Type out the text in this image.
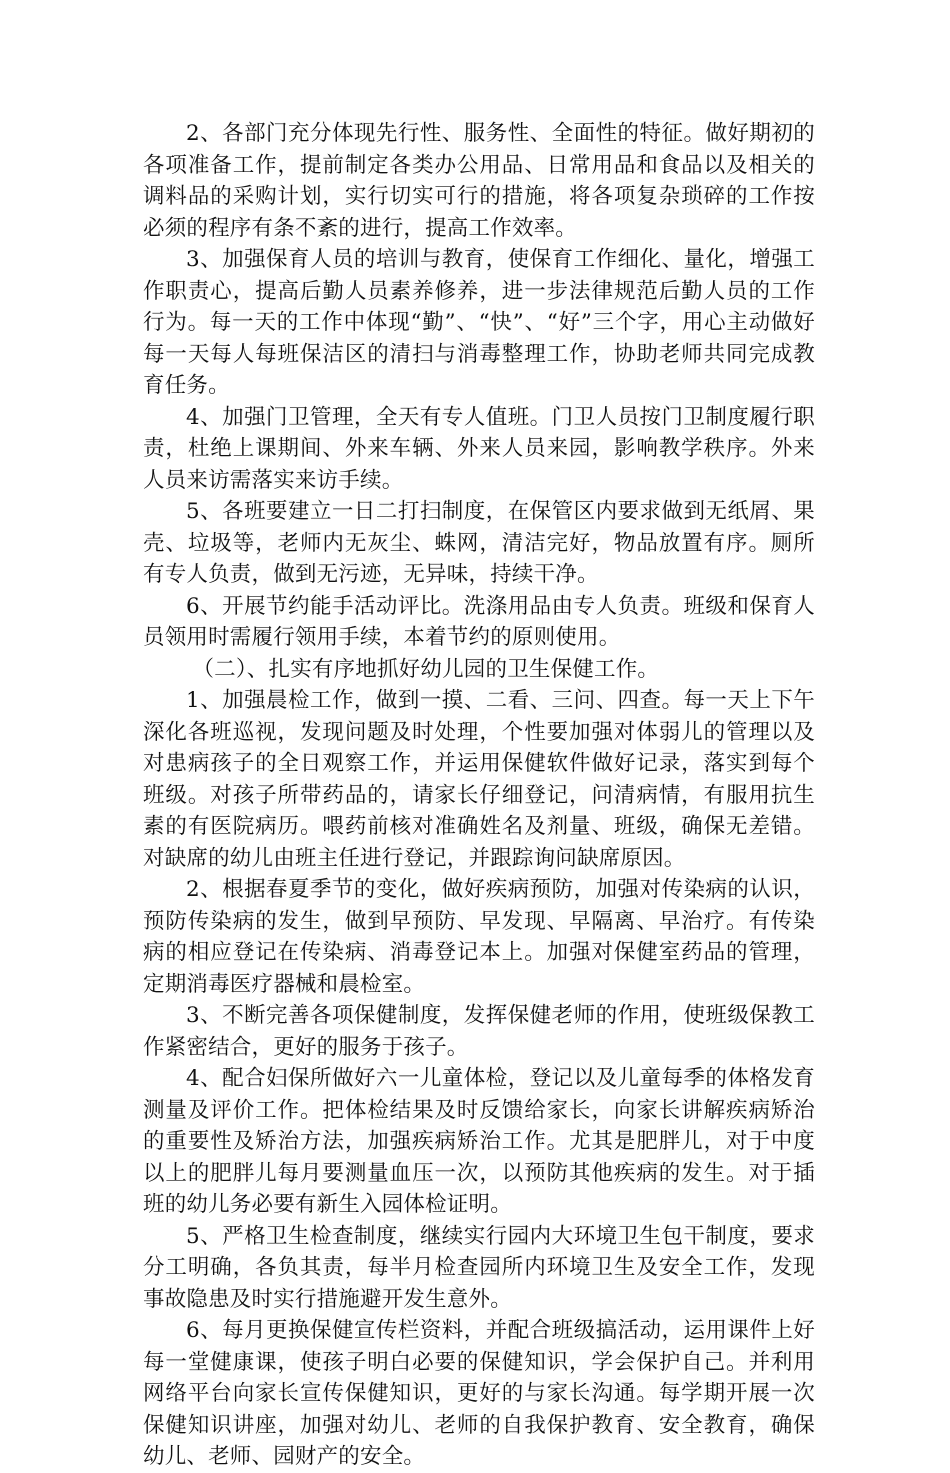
2、各部门充分体现先行性、服务性、全面性的特征。做好期初的各项准备工作，提前制定各类办公用品、日常用品和食品以及相关的调料品的采购计划，实行切实可行的措施，将各项复杂琐碎的工作按必须的程序有条不紊的进行，提高工作效率。

3、加强保育人员的培训与教育，使保育工作细化、量化，增强工作职责心，提高后勤人员素养修养，进一步法律规范后勤人员的工作行为。每一天的工作中体现“勤”、“快”、“好”三个字，用心主动做好每一天每人每班保洁区的清扫与消毒整理工作，协助老师共同完成教育任务。

4、加强门卫管理，全天有专人值班。门卫人员按门卫制度履行职责，杜绝上课期间、外来车辆、外来人员来园，影响教学秩序。外来人员来访需落实来访手续。

5、各班要建立一日二打扫制度，在保管区内要求做到无纸屑、果壳、垃圾等，老师内无灰尘、蛛网，清洁完好，物品放置有序。厕所有专人负责，做到无污迹，无异味，持续干净。

6、开展节约能手活动评比。洗涤用品由专人负责。班级和保育人员领用时需履行领用手续，本着节约的原则使用。

（二）、扎实有序地抓好幼儿园的卫生保健工作。

1、加强晨检工作，做到一摸、二看、三问、四查。每一天上下午深化各班巡视，发现问题及时处理，个性要加强对体弱儿的管理以及对患病孩子的全日观察工作，并运用保健软件做好记录，落实到每个班级。对孩子所带药品的，请家长仔细登记，问清病情，有服用抗生素的有医院病历。喂药前核对准确姓名及剂量、班级，确保无差错。对缺席的幼儿由班主任进行登记，并跟踪询问缺席原因。

2、根据春夏季节的变化，做好疾病预防，加强对传染病的认识，预防传染病的发生，做到早预防、早发现、早隔离、早治疗。有传染病的相应登记在传染病、消毒登记本上。加强对保健室药品的管理，定期消毒医疗器械和晨检室。

3、不断完善各项保健制度，发挥保健老师的作用，使班级保教工作紧密结合，更好的服务于孩子。

4、配合妇保所做好六一儿童体检，登记以及儿童每季的体格发育测量及评价工作。把体检结果及时反馈给家长，向家长讲解疾病矫治的重要性及矫治方法，加强疾病矫治工作。尤其是肥胖儿，对于中度以上的肥胖儿每月要测量血压一次，以预防其他疾病的发生。对于插班的幼儿务必要有新生入园体检证明。

5、严格卫生检查制度，继续实行园内大环境卫生包干制度，要求分工明确，各负其责，每半月检查园所内环境卫生及安全工作，发现事故隐患及时实行措施避开发生意外。

6、每月更换保健宣传栏资料，并配合班级搞活动，运用课件上好每一堂健康课，使孩子明白必要的保健知识，学会保护自己。并利用网络平台向家长宣传保健知识，更好的与家长沟通。每学期开展一次保健知识讲座，加强对幼儿、老师的自我保护教育、安全教育，确保幼儿、老师、园财产的安全。
